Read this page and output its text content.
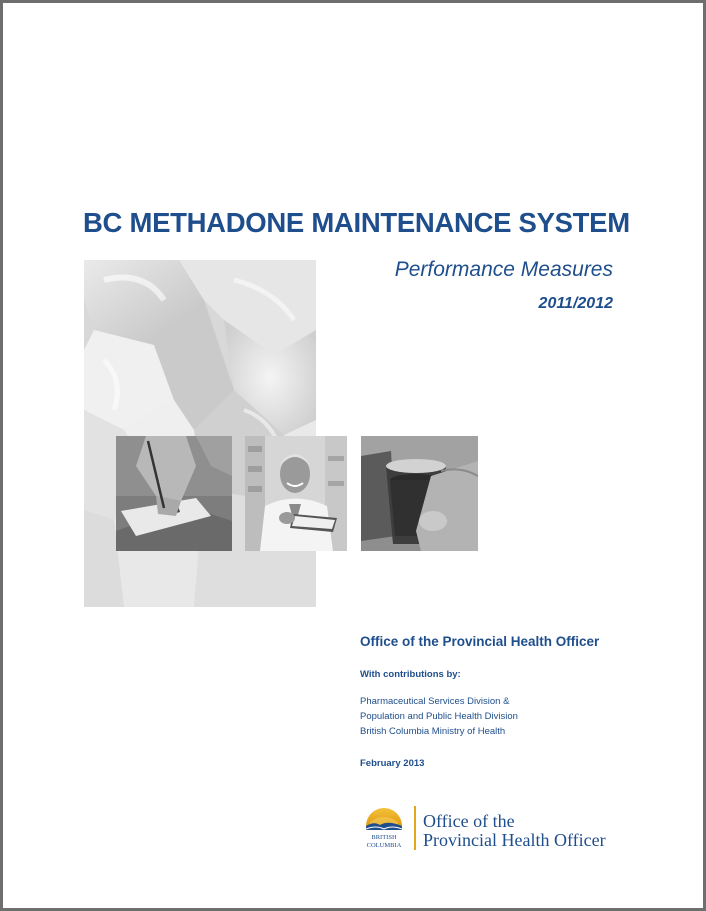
BC METHADONE MAINTENANCE SYSTEM
Performance Measures
2011/2012
Office of the Provincial Health Officer
With contributions by:
Pharmaceutical Services Division &
Population and Public Health Division
British Columbia Ministry of Health
February 2013
BRITISH
COLUMBIA
Office of the
Provincial Health Officer
